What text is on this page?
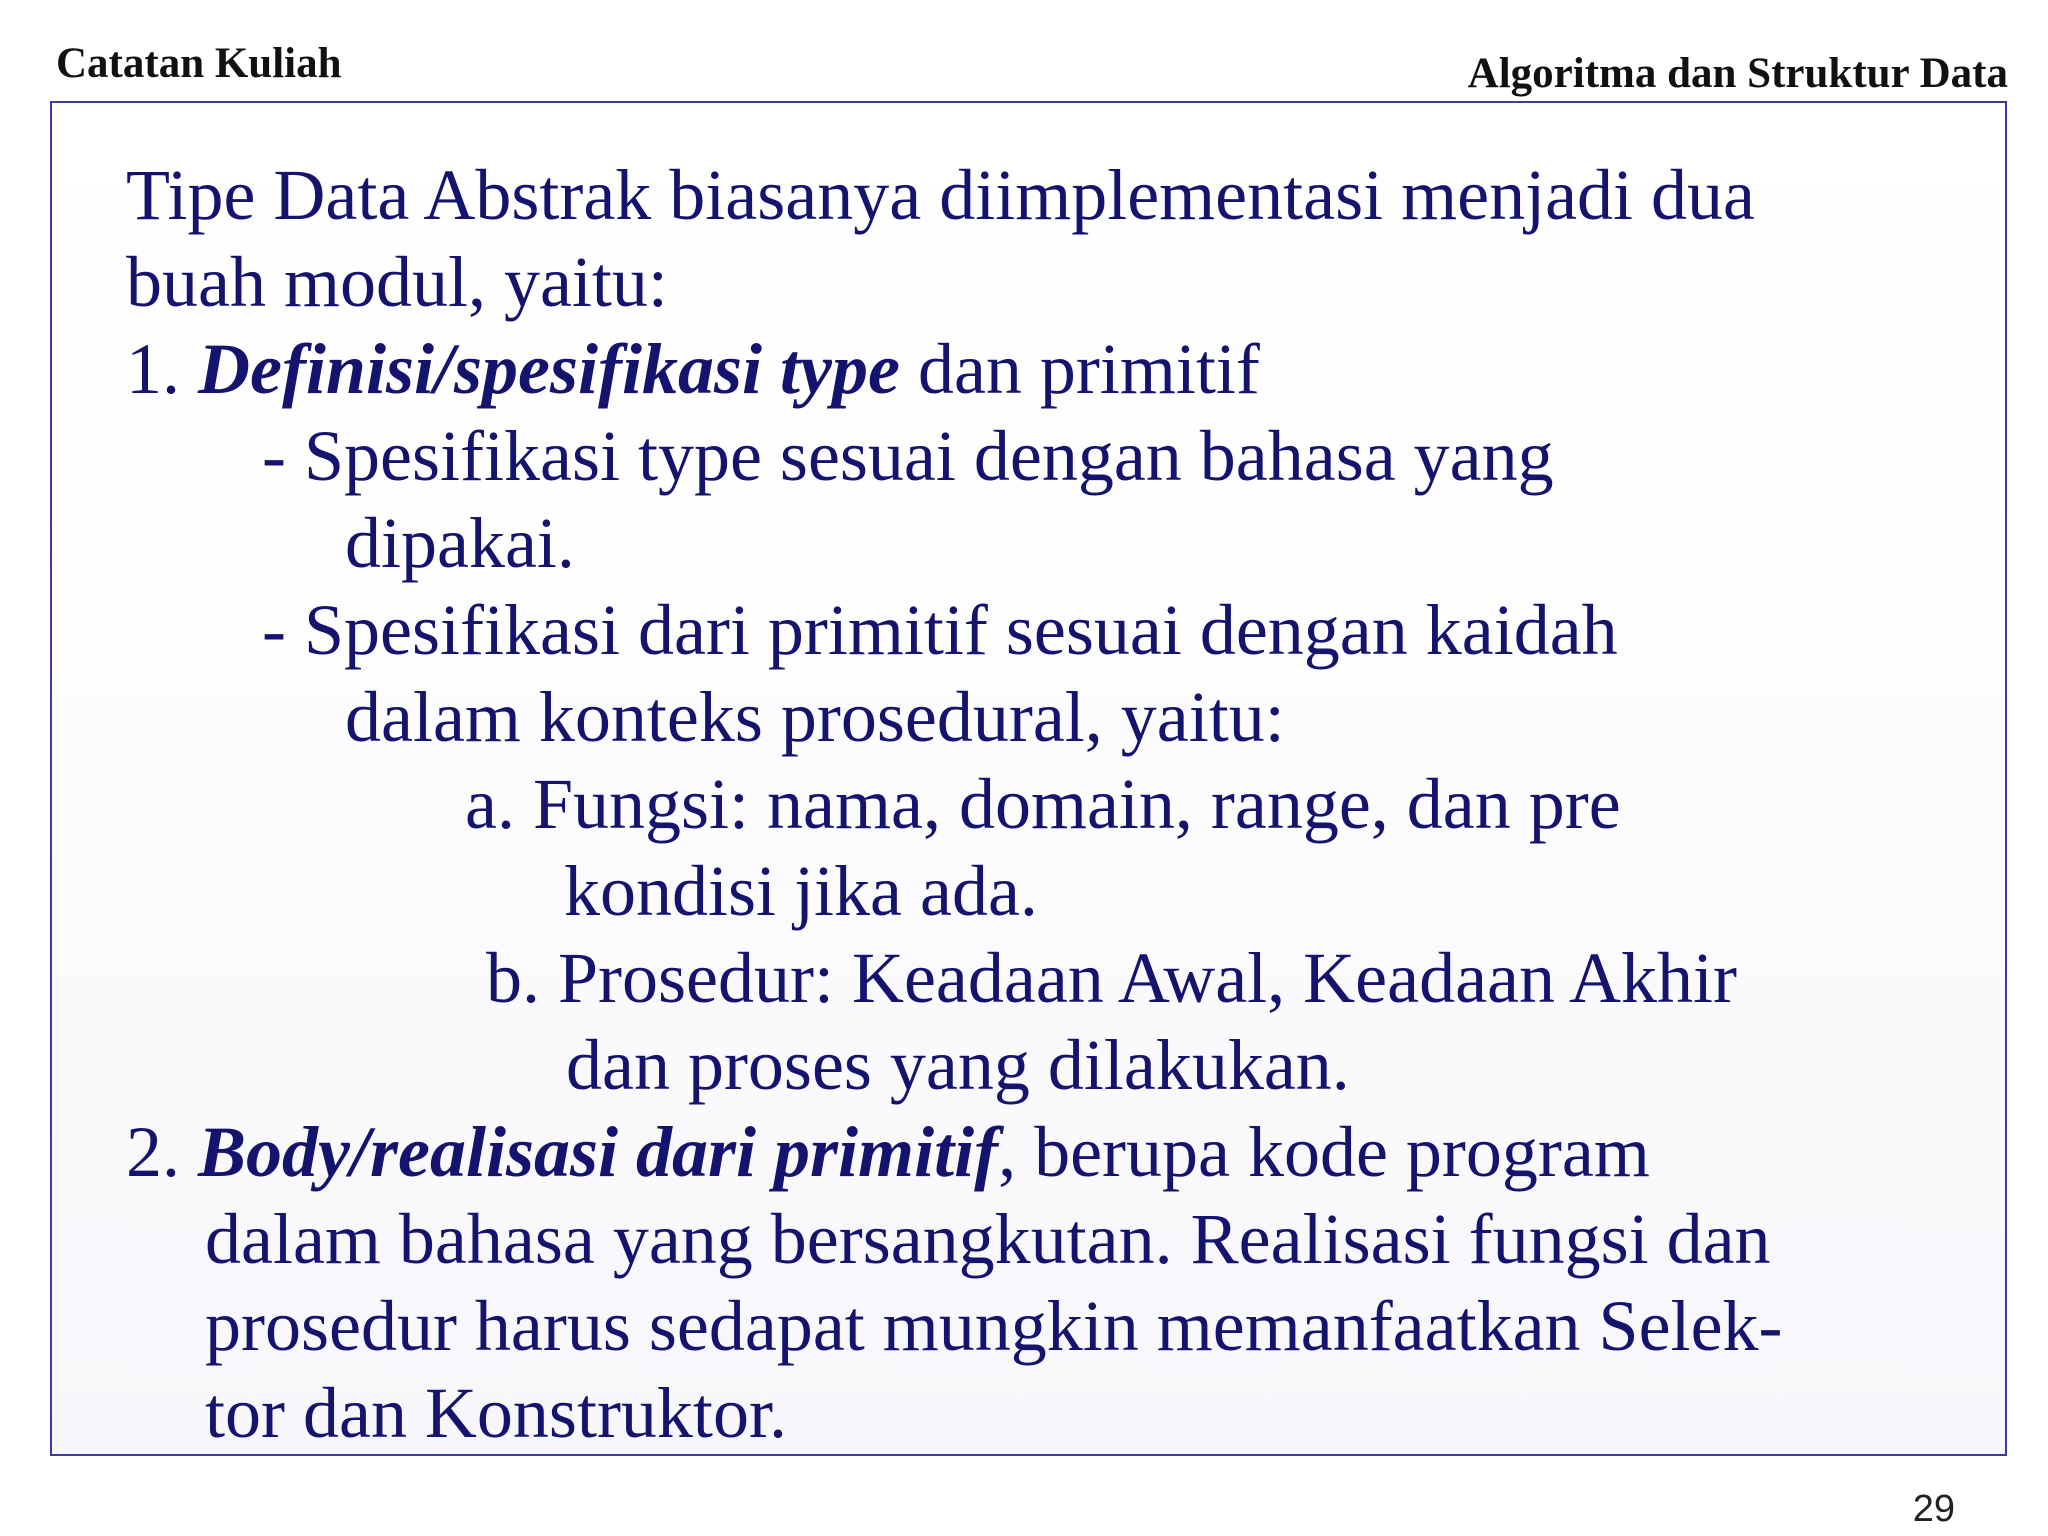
Catatan Kuliah	Algoritma dan Struktur Data
Tipe Data Abstrak biasanya diimplementasi menjadi dua
buah modul, yaitu:
1. Definisi/spesifikasi type dan primitif
- Spesifikasi type sesuai dengan bahasa yang
dipakai.
- Spesifikasi dari primitif sesuai dengan kaidah
dalam konteks prosedural, yaitu:
a. Fungsi: nama, domain, range, dan pre
kondisi jika ada.
b. Prosedur: Keadaan Awal, Keadaan Akhir
dan proses yang dilakukan.
2. Body/realisasi dari primitif, berupa kode program
dalam bahasa yang bersangkutan. Realisasi fungsi dan
prosedur harus sedapat mungkin memanfaatkan Selek-
tor dan Konstruktor.
29
